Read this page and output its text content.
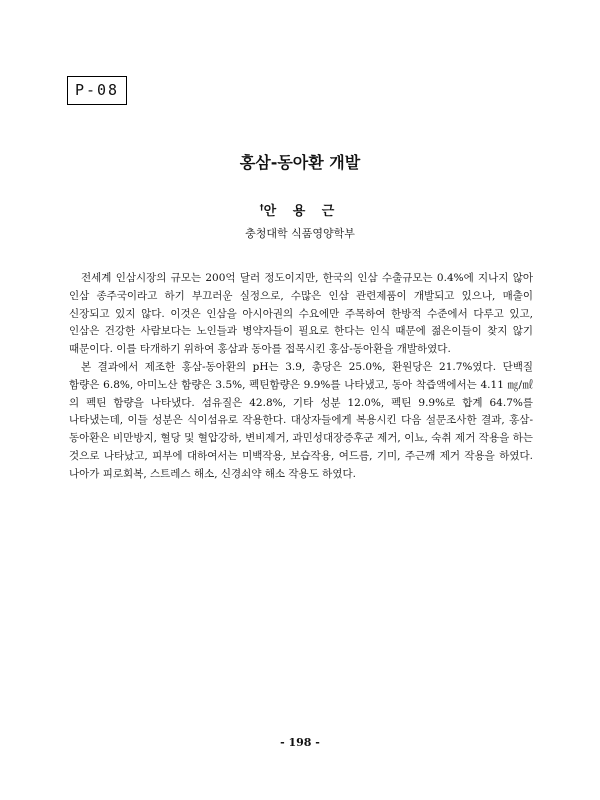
P-08
홍삼-동아환 개발
†안 용 근
충청대학 식품영양학부

전세계 인삼시장의 규모는 200억 달러 정도이지만, 한국의 인삼 수출규모는 0.4%에 지나지 않아 인삼 종주국이라고 하기 부끄러운 실정으로, 수많은 인삼 관련제품이 개발되고 있으나, 매출이 신장되고 있지 않다. 이것은 인삼을 아시아권의 수요에만 주목하여 한방적 수준에서 다루고 있고, 인삼은 건강한 사람보다는 노인들과 병약자들이 필요로 한다는 인식 때문에 젊은이들이 찾지 않기 때문이다. 이를 타개하기 위하여 홍삼과 동아를 접목시킨 홍삼-동아환을 개발하였다.

본 결과에서 제조한 홍삼-동아환의 pH는 3.9, 총당은 25.0%, 환원당은 21.7%였다. 단백질 함량은 6.8%, 아미노산 함량은 3.5%, 펙틴함량은 9.9%를 나타냈고, 동아 착즙액에서는 4.11 ㎎/㎖의 펙틴 함량을 나타냈다. 섬유질은 42.8%, 기타 성분 12.0%, 펙틴 9.9%로 합계 64.7%를 나타냈는데, 이들 성분은 식이섬유로 작용한다. 대상자들에게 복용시킨 다음 설문조사한 결과, 홍삼-동아환은 비만방지, 혈당 및 혈압강하, 변비제거, 과민성대장증후군 제거, 이뇨, 숙취 제거 작용을 하는 것으로 나타났고, 피부에 대하여서는 미백작용, 보습작용, 여드름, 기미, 주근깨 제거 작용을 하였다. 나아가 피로회복, 스트레스 해소, 신경쇠약 해소 작용도 하였다.

- 198 -
